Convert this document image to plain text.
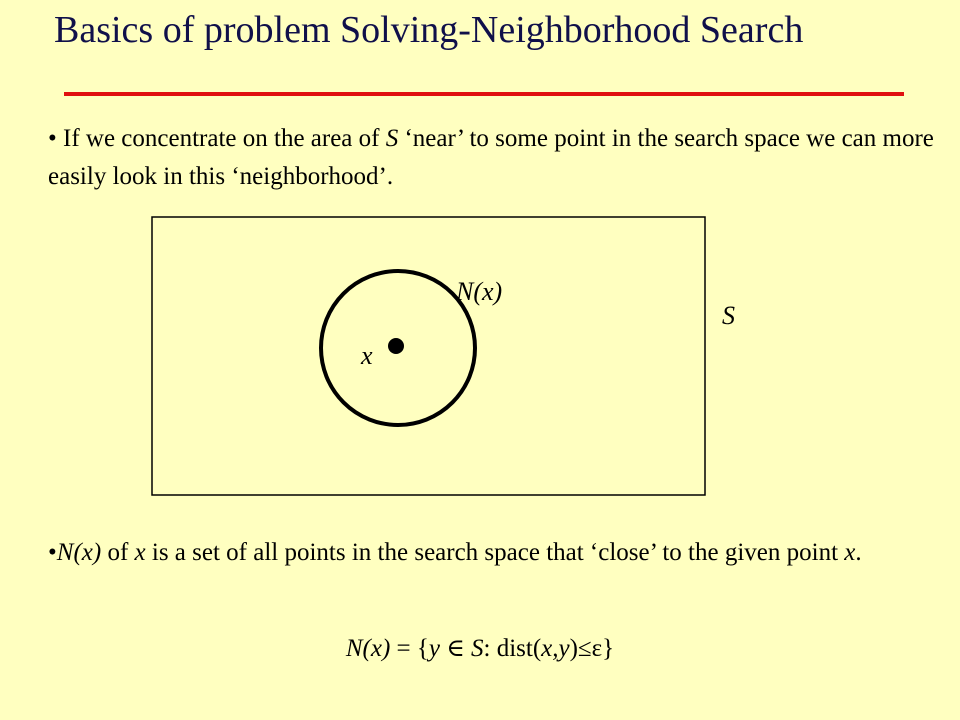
Basics of problem Solving-Neighborhood Search
• If we concentrate on the area of S ‘near’ to some point in the search space we can more easily look in this ‘neighborhood’.
N(x)
S
x
•N(x) of x is a set of all points in the search space that ‘close’ to the given point x.
N(x) = {y ∈ S: dist(x,y)≤ε}
